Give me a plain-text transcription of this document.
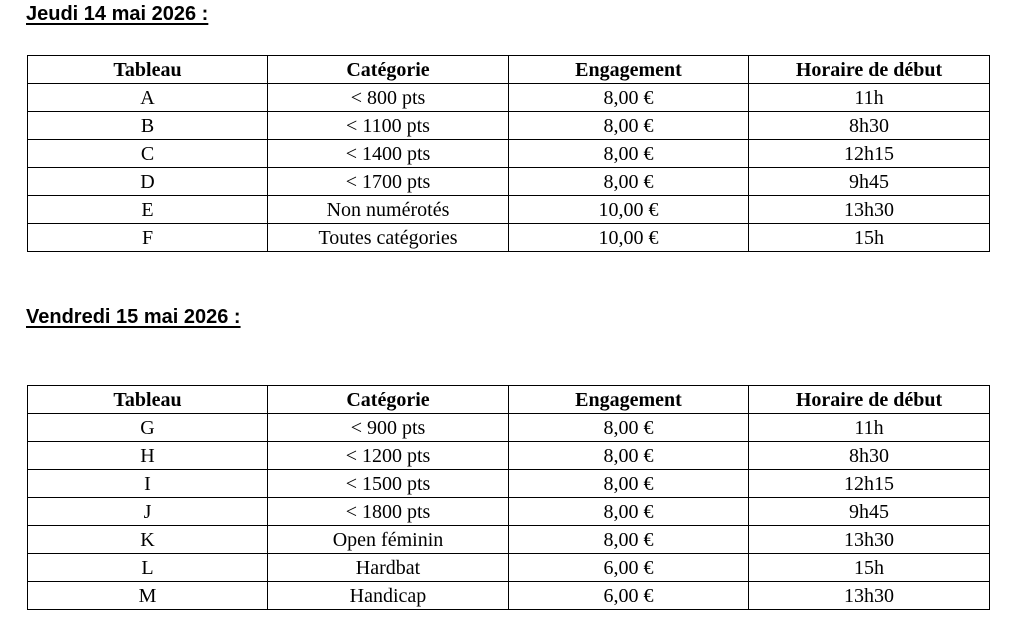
Jeudi 14 mai 2026 :
Tableau	Catégorie	Engagement	Horaire de début
A	< 800 pts	8,00 €	11h
B	< 1100 pts	8,00 €	8h30
C	< 1400 pts	8,00 €	12h15
D	< 1700 pts	8,00 €	9h45
E	Non numérotés	10,00 €	13h30
F	Toutes catégories	10,00 €	15h
Vendredi 15 mai 2026 :
Tableau	Catégorie	Engagement	Horaire de début
G	< 900 pts	8,00 €	11h
H	< 1200 pts	8,00 €	8h30
I	< 1500 pts	8,00 €	12h15
J	< 1800 pts	8,00 €	9h45
K	Open féminin	8,00 €	13h30
L	Hardbat	6,00 €	15h
M	Handicap	6,00 €	13h30
